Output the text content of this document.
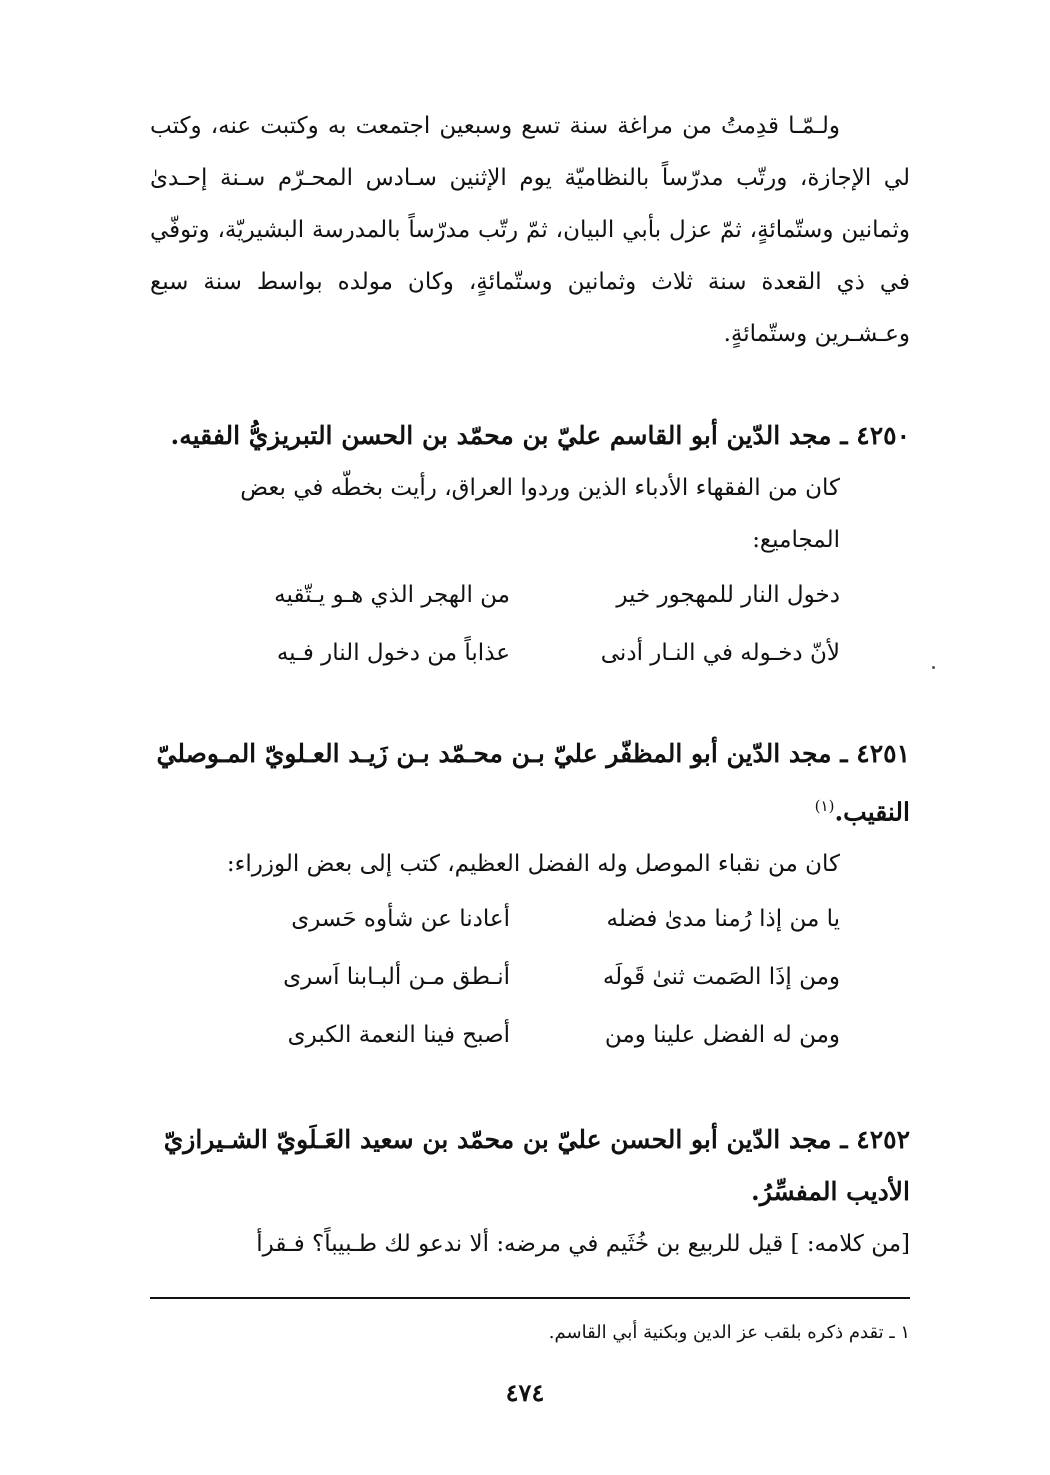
ولـمّـا قدِمتُ من مراغة سنة تسع وسبعين اجتمعت به وكتبت عنه، وكتب لي الإجازة، ورتّب مدرّساً بالنظاميّة يوم الإثنين سـادس المحـرّم سـنة إحـدىٰ وثمانين وستّمائةٍ، ثمّ عزل بأبي البيان، ثمّ رتّب مدرّساً بالمدرسة البشيريّة، وتوفّي في ذي القعدة سنة ثلاث وثمانين وستّمائةٍ، وكان مولده بواسط سنة سبع وعـشـرين وستّمائةٍ.

٤٢٥٠ ـ مجد الدّين أبو القاسم عليّ بن محمّد بن الحسن التبريزيُّ الفقيه.

كان من الفقهاء الأدباء الذين وردوا العراق، رأيت بخطّه في بعض المجاميع:

دخول النار للمهجور خير
من الهجر الذي هـو يـتّقيه
لأنّ دخـوله في النـار أدنى
عذاباً من دخول النار فـيه

٤٢٥١ ـ مجد الدّين أبو المظفّر عليّ بـن محـمّد بـن زَيـد العـلويّ المـوصليّ النقيب.$^{(١)}$

كان من نقباء الموصل وله الفضل العظيم، كتب إلى بعض الوزراء:

يا من إذا رُمنا مدىٰ فضله
أعادنا عن شأوه حَسرى
ومن إذَا الصَمت ثنىٰ قَولَه
أنـطق مـن ألبـابنا اَسرى
ومن له الفضل علينا ومن
أصبح فينا النعمة الكبرى

٤٢٥٢ ـ مجد الدّين أبو الحسن عليّ بن محمّد بن سعيد العَـلَويّ الشـيرازيّ الأديب المفسِّرُ.

[من كلامه: ] قيل للربيع بن خُثَيم في مرضه: ألا ندعو لك طـبيباً؟ فـقرأ

١ ـ تقدم ذكره بلقب عز الدين وبكنية أبي القاسم.
٤٧٤
